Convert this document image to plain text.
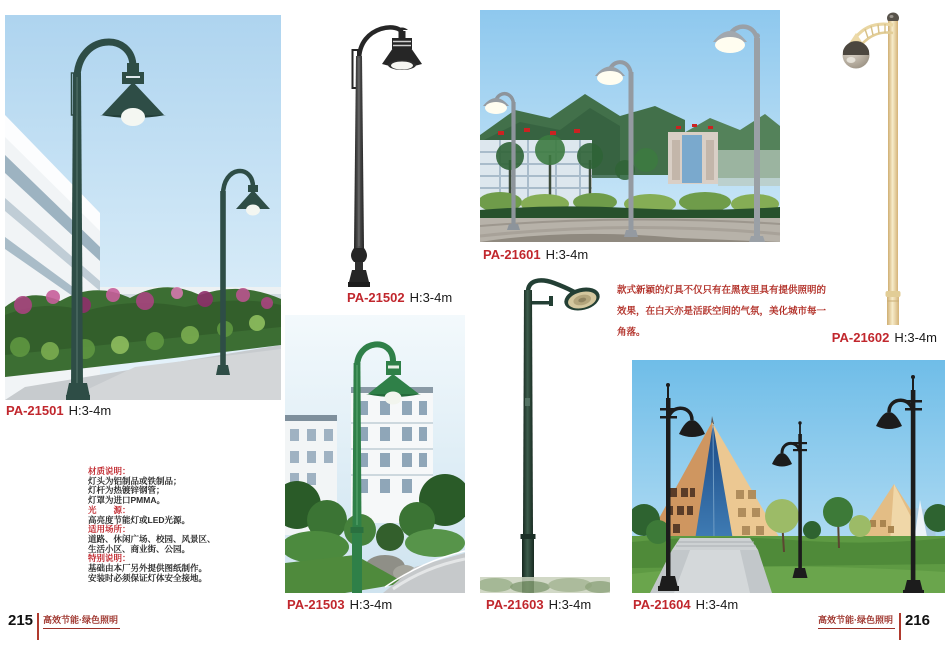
PA-21501 H:3-4m
PA-21502 H:3-4m
PA-21601 H:3-4m
PA-21602 H:3-4m
PA-21503 H:3-4m	PA-21603 H:3-4m	PA-21604 H:3-4m
材质说明：
灯头为铝制品或铁制品；
灯杆为热镀锌钢管；
灯罩为进口PMMA。
光　　源：
高亮度节能灯或LED光源。
适用场所：
道路、休闲广场、校园、风景区、
生活小区、商业街、公园。
特别说明：
基础由本厂另外提供图纸制作。
安装时必须保证灯体安全接地。
款式新颖的灯具不仅只有在黑夜里具有提供照明的
效果，在白天亦是活跃空间的气氛，美化城市每一
角落。
215 高效节能·绿色照明	高效节能·绿色照明 216
